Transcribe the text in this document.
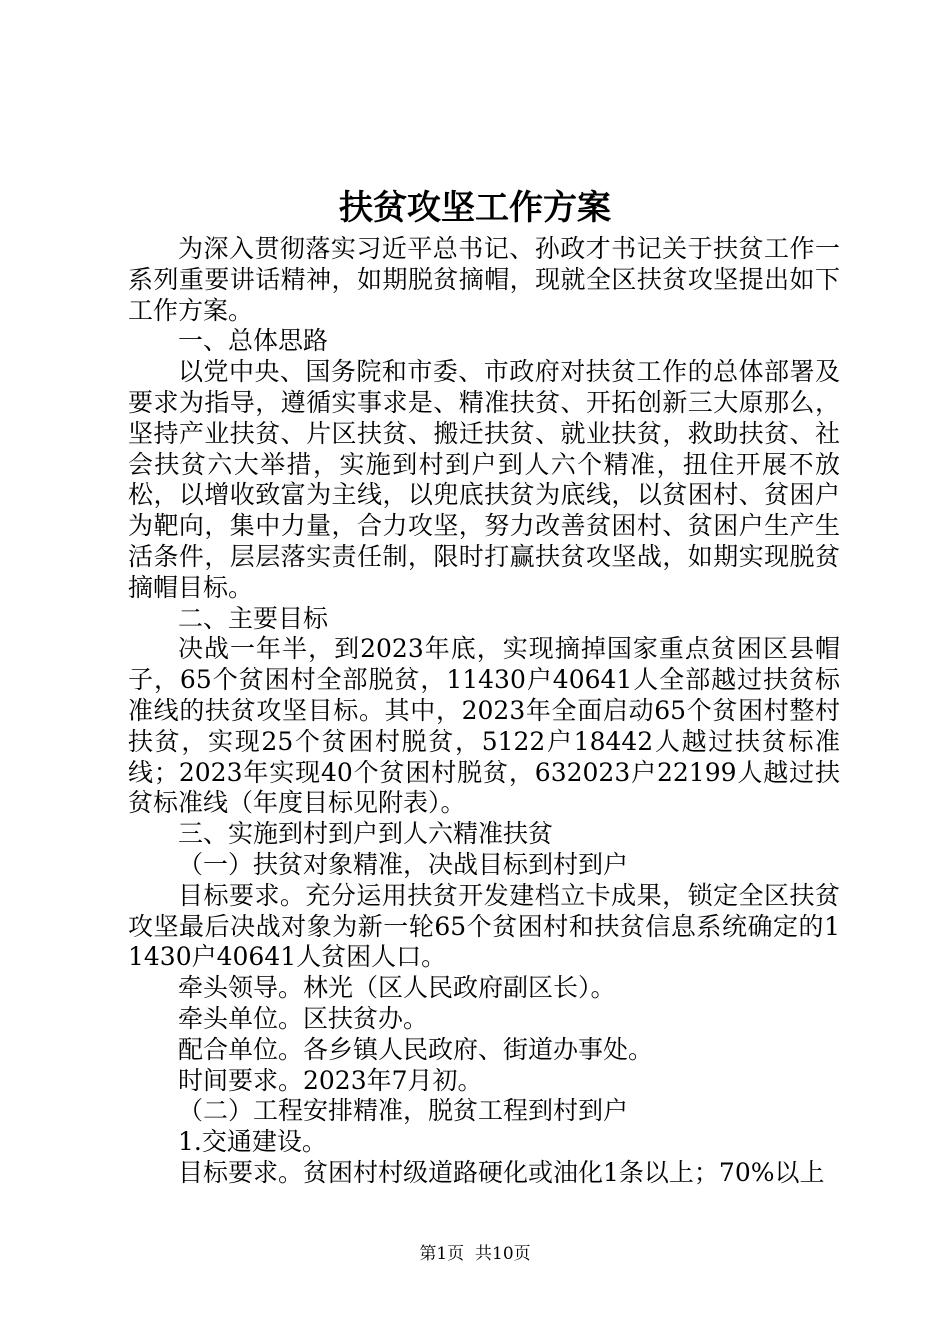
扶贫攻坚工作方案

为深入贯彻落实习近平总书记、孙政才书记关于扶贫工作一系列重要讲话精神，如期脱贫摘帽，现就全区扶贫攻坚提出如下工作方案。

一、总体思路

以党中央、国务院和市委、市政府对扶贫工作的总体部署及要求为指导，遵循实事求是、精准扶贫、开拓创新三大原那么，坚持产业扶贫、片区扶贫、搬迁扶贫、就业扶贫，救助扶贫、社会扶贫六大举措，实施到村到户到人六个精准，扭住开展不放松，以增收致富为主线，以兜底扶贫为底线，以贫困村、贫困户为靶向，集中力量，合力攻坚，努力改善贫困村、贫困户生产生活条件，层层落实责任制，限时打赢扶贫攻坚战，如期实现脱贫摘帽目标。

二、主要目标

决战一年半，到2023年底，实现摘掉国家重点贫困区县帽子，65个贫困村全部脱贫，11430户40641人全部越过扶贫标准线的扶贫攻坚目标。其中，2023年全面启动65个贫困村整村扶贫，实现25个贫困村脱贫，5122户18442人越过扶贫标准线；2023年实现40个贫困村脱贫，632023户22199人越过扶贫标准线（年度目标见附表）。

三、实施到村到户到人六精准扶贫

（一）扶贫对象精准，决战目标到村到户

目标要求。充分运用扶贫开发建档立卡成果，锁定全区扶贫攻坚最后决战对象为新一轮65个贫困村和扶贫信息系统确定的11430户40641人贫困人口。

牵头领导。林光（区人民政府副区长）。

牵头单位。区扶贫办。

配合单位。各乡镇人民政府、街道办事处。

时间要求。2023年7月初。

（二）工程安排精准，脱贫工程到村到户

1.交通建设。

目标要求。贫困村村级道路硬化或油化1条以上；70%以上

第1页 共10页
